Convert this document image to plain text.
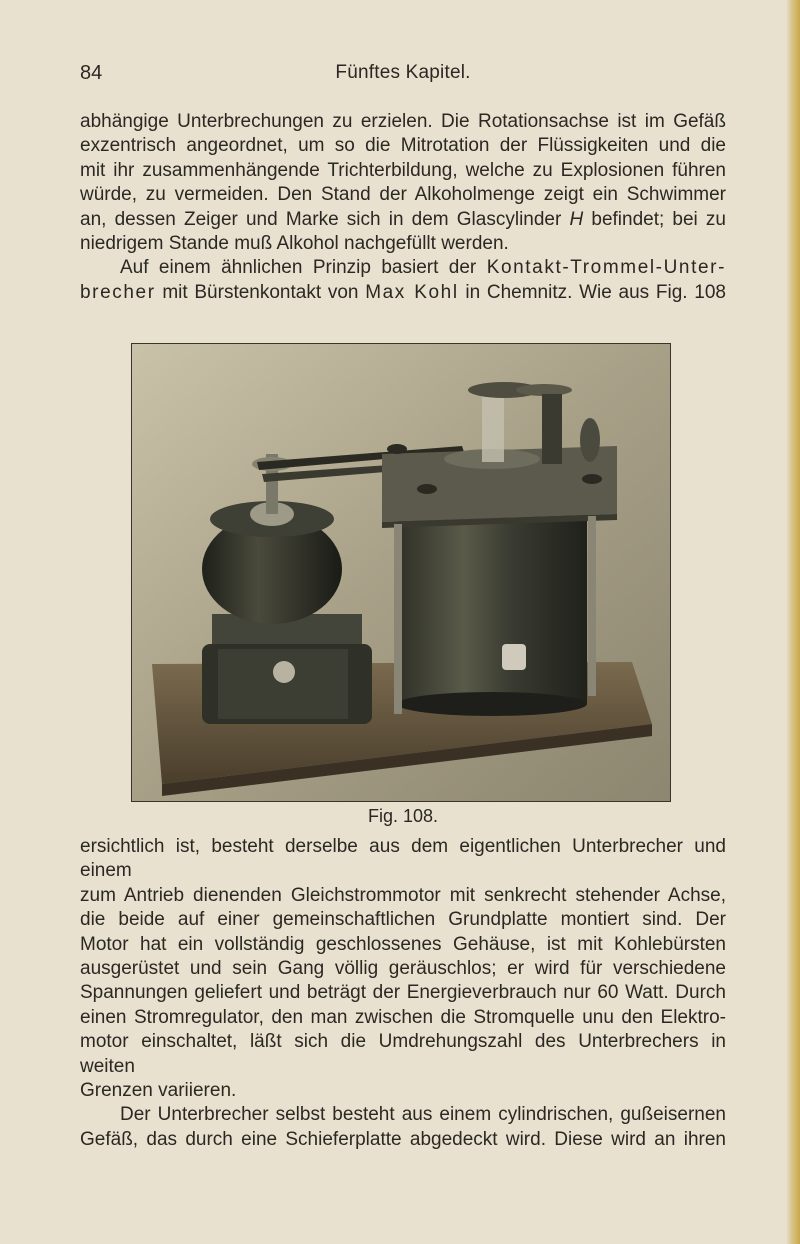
84	Fünftes Kapitel.

abhängige Unterbrechungen zu erzielen. Die Rotationsachse ist im Gefäß

exzentrisch angeordnet, um so die Mitrotation der Flüssigkeiten und die

mit ihr zusammenhängende Trichterbildung, welche zu Explosionen führen

würde, zu vermeiden. Den Stand der Alkoholmenge zeigt ein Schwimmer

an, dessen Zeiger und Marke sich in dem Glascylinder H befindet; bei zu

niedrigem Stande muß Alkohol nachgefüllt werden.

Auf einem ähnlichen Prinzip basiert der Kontakt-Trommel-Unter-

brecher mit Bürstenkontakt von Max Kohl in Chemnitz. Wie aus Fig. 108

Fig. 108.

ersichtlich ist, besteht derselbe aus dem eigentlichen Unterbrecher und einem

zum Antrieb dienenden Gleichstrommotor mit senkrecht stehender Achse,

die beide auf einer gemeinschaftlichen Grundplatte montiert sind. Der

Motor hat ein vollständig geschlossenes Gehäuse, ist mit Kohlebürsten

ausgerüstet und sein Gang völlig geräuschlos; er wird für verschiedene

Spannungen geliefert und beträgt der Energieverbrauch nur 60 Watt. Durch

einen Stromregulator, den man zwischen die Stromquelle unu den Elektro-

motor einschaltet, läßt sich die Umdrehungszahl des Unterbrechers in weiten

Grenzen variieren.

Der Unterbrecher selbst besteht aus einem cylindrischen, gußeisernen

Gefäß, das durch eine Schieferplatte abgedeckt wird. Diese wird an ihren
